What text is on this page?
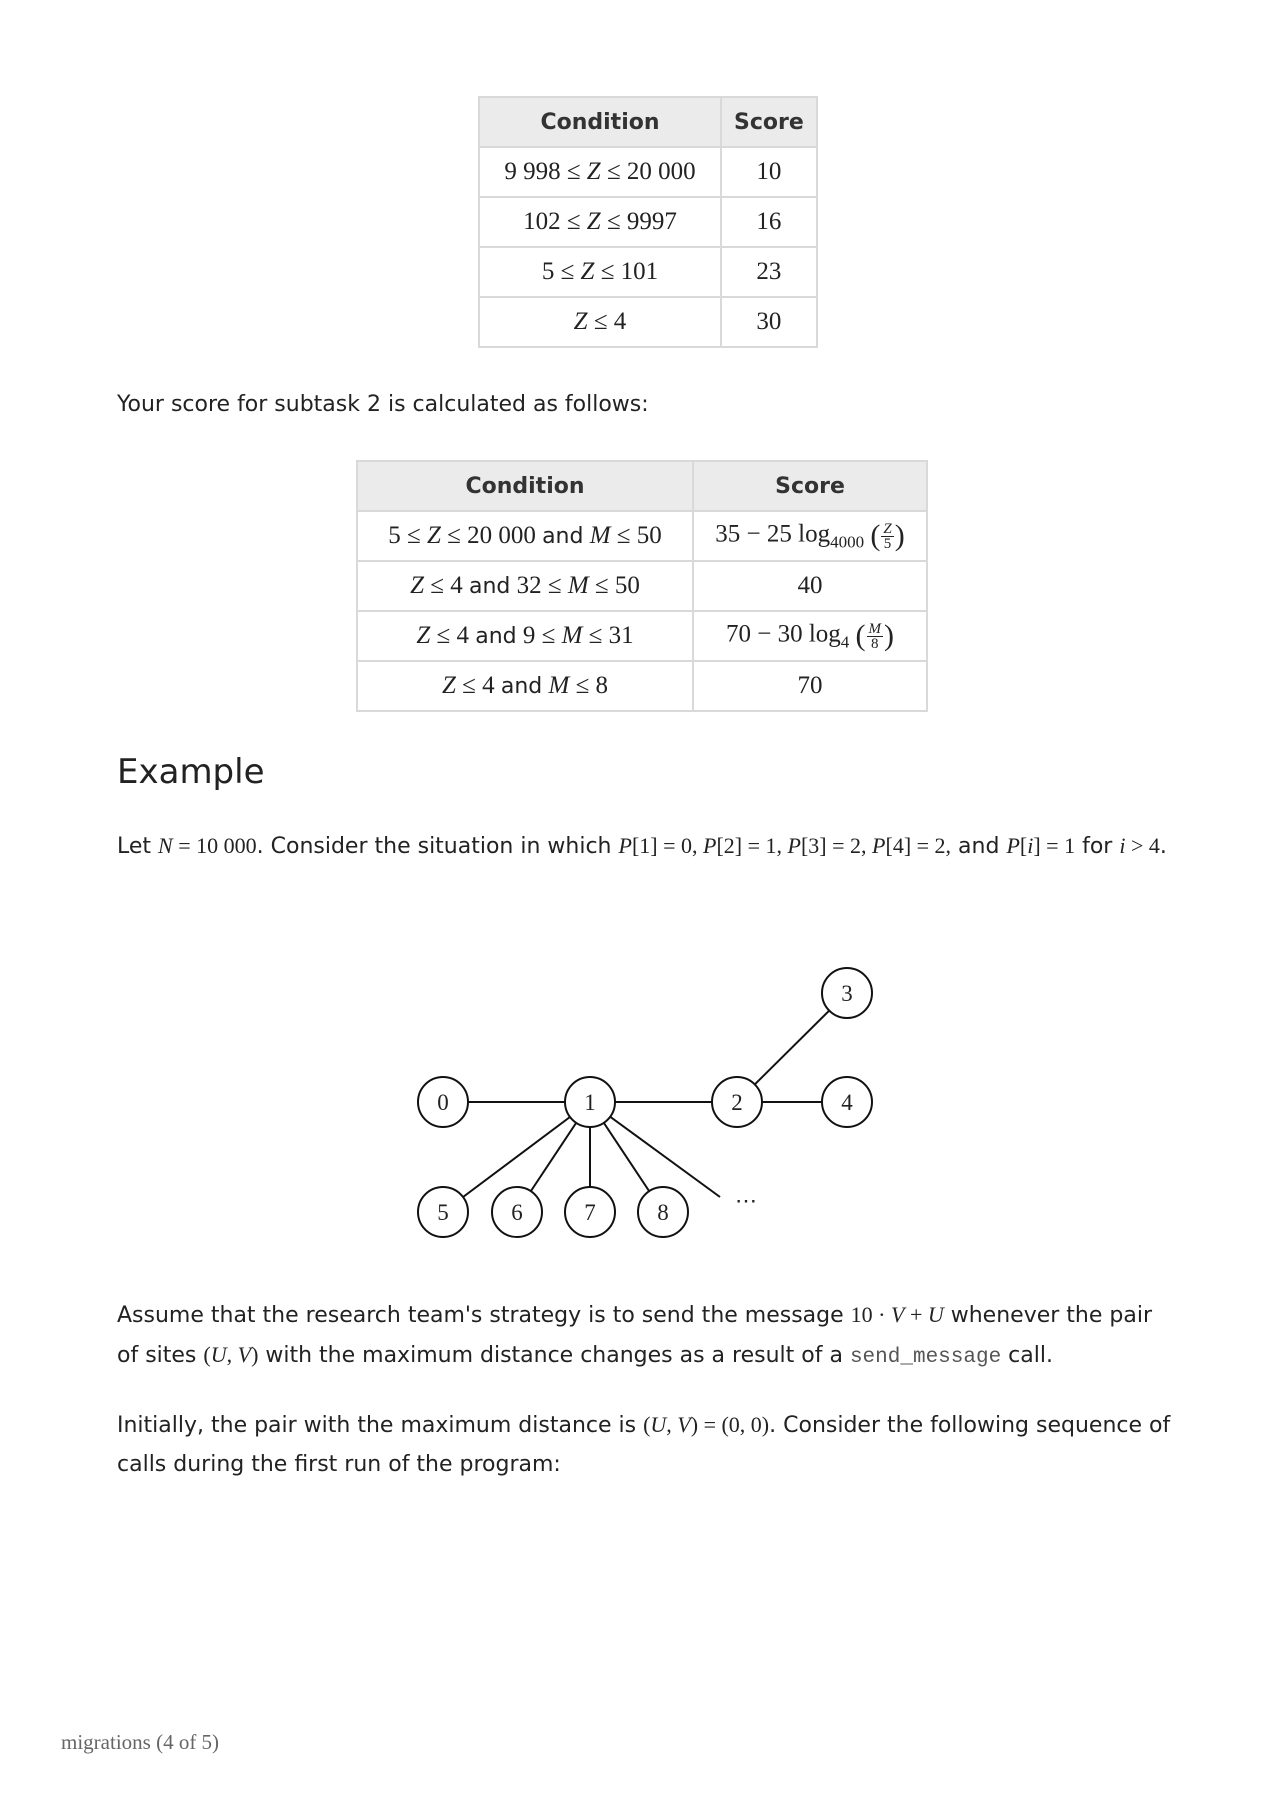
Condition	Score
9 998 ≤ Z ≤ 20 000	10
102 ≤ Z ≤ 9997	16
5 ≤ Z ≤ 101	23
Z ≤ 4	30
Your score for subtask 2 is calculated as follows:
Condition	Score
5 ≤ Z ≤ 20 000 and M ≤ 50	35 − 25 $\log_{4000}$ ( $\frac{Z}{5}$ )
Z ≤ 4 and 32 ≤ M ≤ 50	40
Z ≤ 4 and 9 ≤ M ≤ 31	70 − 30 $\log_4$ ( $\frac{M}{8}$ )
Z ≤ 4 and M ≤ 8	70
Example
Let N = 10 000. Consider the situation in which P[1] = 0, P[2] = 1, P[3] = 2, P[4] = 2, and P[i] = 1 for i > 4.
0	1	2
3
4
5	6	7	8	⋯
Assume that the research team's strategy is to send the message 10 · V + U whenever the pair of sites (U, V) with the maximum distance changes as a result of a send_message call.
Initially, the pair with the maximum distance is (U, V) = (0, 0). Consider the following sequence of calls during the first run of the program:
migrations (4 of 5)
